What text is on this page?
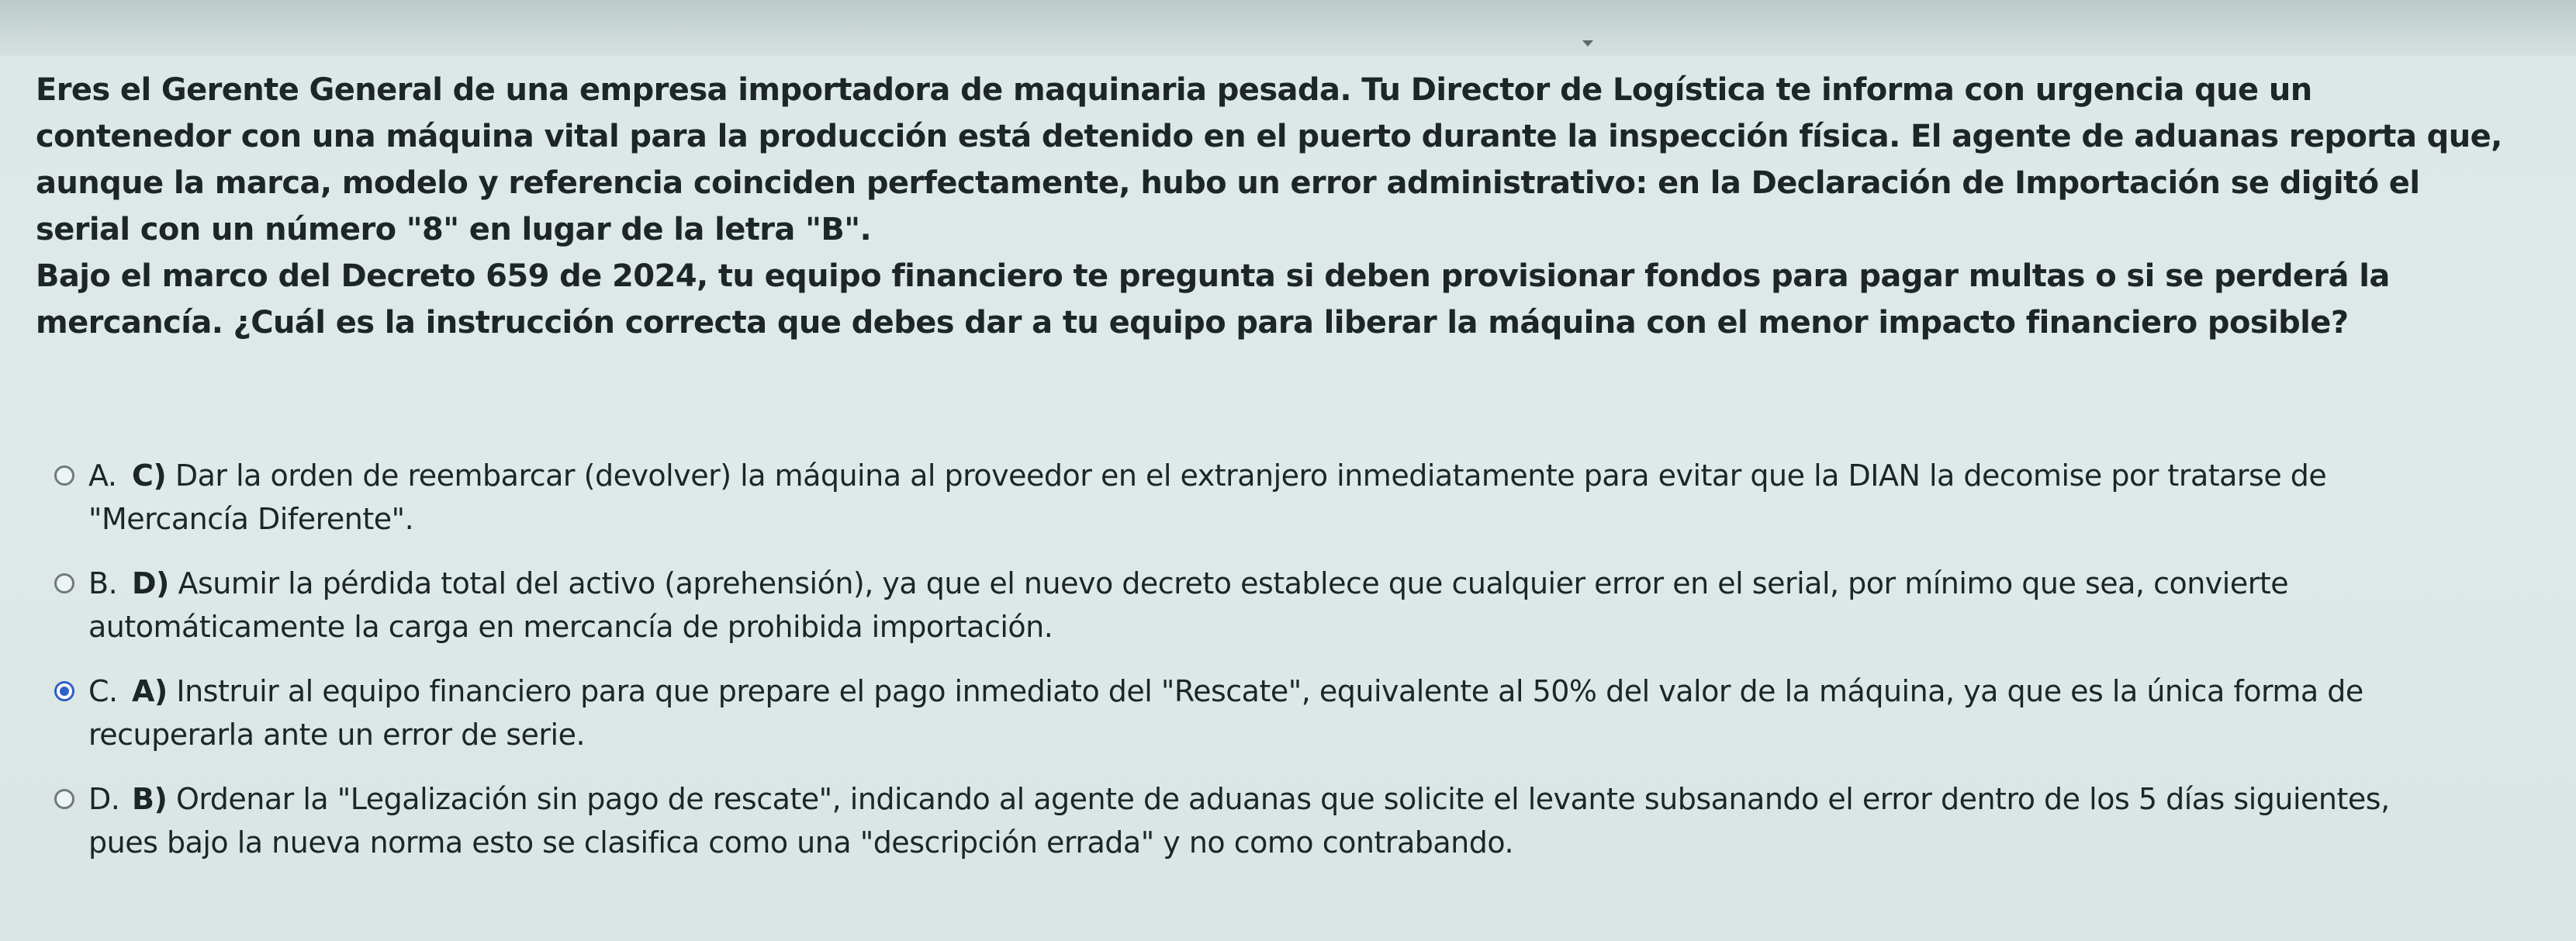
Eres el Gerente General de una empresa importadora de maquinaria pesada. Tu Director de Logística te informa con urgencia que un contenedor con una máquina vital para la producción está detenido en el puerto durante la inspección física. El agente de aduanas reporta que, aunque la marca, modelo y referencia coinciden perfectamente, hubo un error administrativo: en la Declaración de Importación se digitó el serial con un número "8" en lugar de la letra "B".

Bajo el marco del Decreto 659 de 2024, tu equipo financiero te pregunta si deben provisionar fondos para pagar multas o si se perderá la mercancía. ¿Cuál es la instrucción correcta que debes dar a tu equipo para liberar la máquina con el menor impacto financiero posible?

A. C) Dar la orden de reembarcar (devolver) la máquina al proveedor en el extranjero inmediatamente para evitar que la DIAN la decomise por tratarse de "Mercancía Diferente".
B. D) Asumir la pérdida total del activo (aprehensión), ya que el nuevo decreto establece que cualquier error en el serial, por mínimo que sea, convierte automáticamente la carga en mercancía de prohibida importación.
C. A) Instruir al equipo financiero para que prepare el pago inmediato del "Rescate", equivalente al 50% del valor de la máquina, ya que es la única forma de recuperarla ante un error de serie.
D. B) Ordenar la "Legalización sin pago de rescate", indicando al agente de aduanas que solicite el levante subsanando el error dentro de los 5 días siguientes, pues bajo la nueva norma esto se clasifica como una "descripción errada" y no como contrabando.
